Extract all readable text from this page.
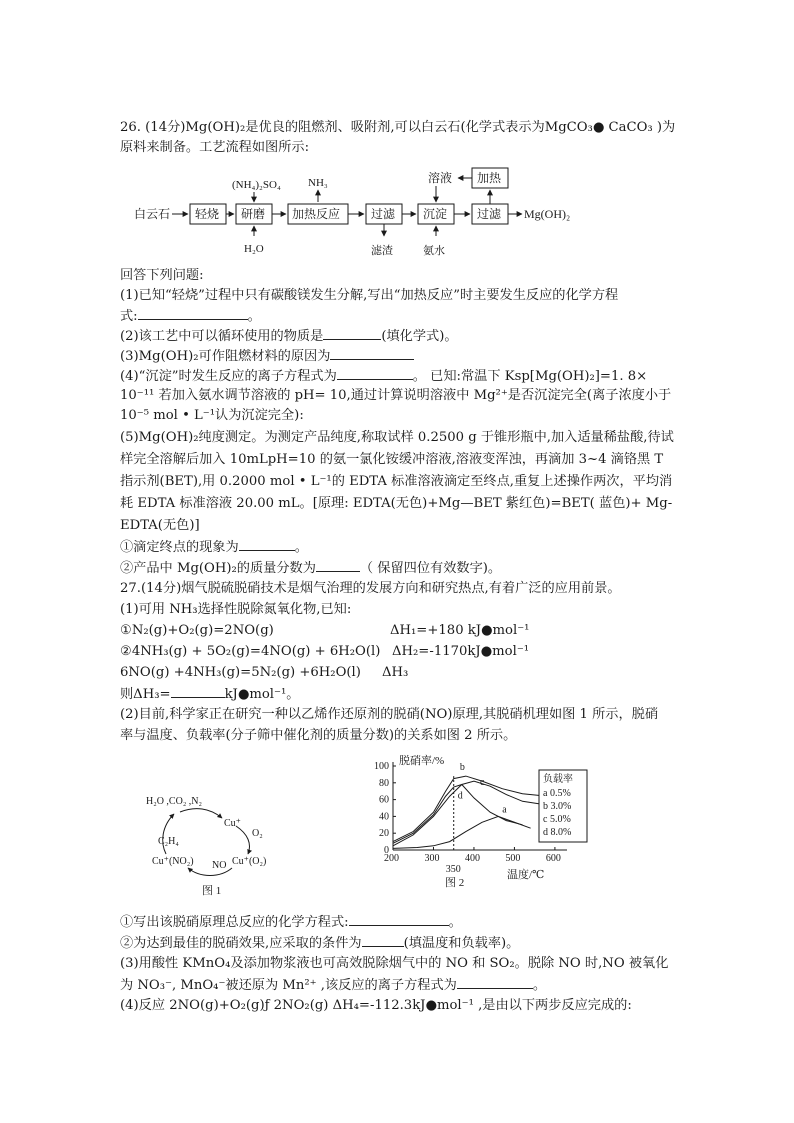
26. (14分)Mg(OH)₂是优良的阻燃剂、吸附剂,可以白云石(化学式表示为MgCO₃● CaCO₃ )为
原料来制备。工艺流程如图所示:
白云石 轻烧 研磨
(NH₄)₂SO₄
H₂O
加热反应
NH₃
过滤
滤渣
沉淀
氨水
过滤 Mg(OH)₂
加热
溶液
回答下列问题:
(1)已知“轻烧”过程中只有碳酸镁发生分解,写出“加热反应”时主要发生反应的化学方程
式:	。
(2)该工艺中可以循环使用的物质是	(填化学式)。
(3)Mg(OH)₂可作阻燃材料的原因为
(4)“沉淀”时发生反应的离子方程式为	。 已知:常温下 Ksp[Mg(OH)₂]=1. 8×
10⁻¹¹ 若加入氨水调节溶液的 pH= 10,通过计算说明溶液中 Mg²⁺是否沉淀完全(离子浓度小于
10⁻⁵ mol • L⁻¹认为沉淀完全):
(5)Mg(OH)₂纯度测定。为测定产品纯度,称取试样 0.2500 g 于锥形瓶中,加入适量稀盐酸,待试
样完全溶解后加入 10mLpH=10 的氨一氯化铵缓冲溶液,溶液变浑浊，再滴加 3~4 滴铬黑 T
指示剂(BET),用 0.2000 mol • L⁻¹的 EDTA 标准溶液滴定至终点,重复上述操作两次，平均消
耗 EDTA 标准溶液 20.00 mL。[原理: EDTA(无色)+Mg—BET 紫红色)=BET( 蓝色)+ Mg-
EDTA(无色)]
①滴定终点的现象为	。
②产品中 Mg(OH)₂的质量分数为	（ 保留四位有效数字)。
27.(14分)烟气脱硫脱硝技术是烟气治理的发展方向和研究热点,有着广泛的应用前景。
(1)可用 NH₃选择性脱除氮氧化物,已知:
①N₂(g)+O₂(g)=2NO(g)	ΔH₁=+180 kJ●mol⁻¹
②4NH₃(g) + 5O₂(g)=4NO(g) + 6H₂O(l) ΔH₂=-1170kJ●mol⁻¹
6NO(g) +4NH₃(g)=5N₂(g) +6H₂O(l) ΔH₃
则ΔH₃=	kJ●mol⁻¹。
(2)目前,科学家正在研究一种以乙烯作还原剂的脱硝(NO)原理,其脱硝机理如图 1 所示，脱硝
率与温度、负载率(分子筛中催化剂的质量分数)的关系如图 2 所示。
H₂O ,CO₂ ,N₂
Cu⁺
O₂
C₂H₄
Cu⁺(NO₂) NO Cu⁺(O₂)
图 1
脱硝率/%
温度/℃
图 2
200	300	400	500	600
0
20
40
60
80
100
350
a
b
c
d
负载率
a 0.5%
b 3.0%
c 5.0%
d 8.0%
①写出该脱硝原理总反应的化学方程式:	。
②为达到最佳的脱硝效果,应采取的条件为	(填温度和负载率)。
(3)用酸性 KMnO₄及添加物浆液也可高效脱除烟气中的 NO 和 SO₂。脱除 NO 时,NO 被氧化
为 NO₃⁻, MnO₄⁻被还原为 Mn²⁺ ,该反应的离子方程式为	。
(4)反应 2NO(g)+O₂(g)ƒ 2NO₂(g) ΔH₄=-112.3kJ●mol⁻¹ ,是由以下两步反应完成的:
